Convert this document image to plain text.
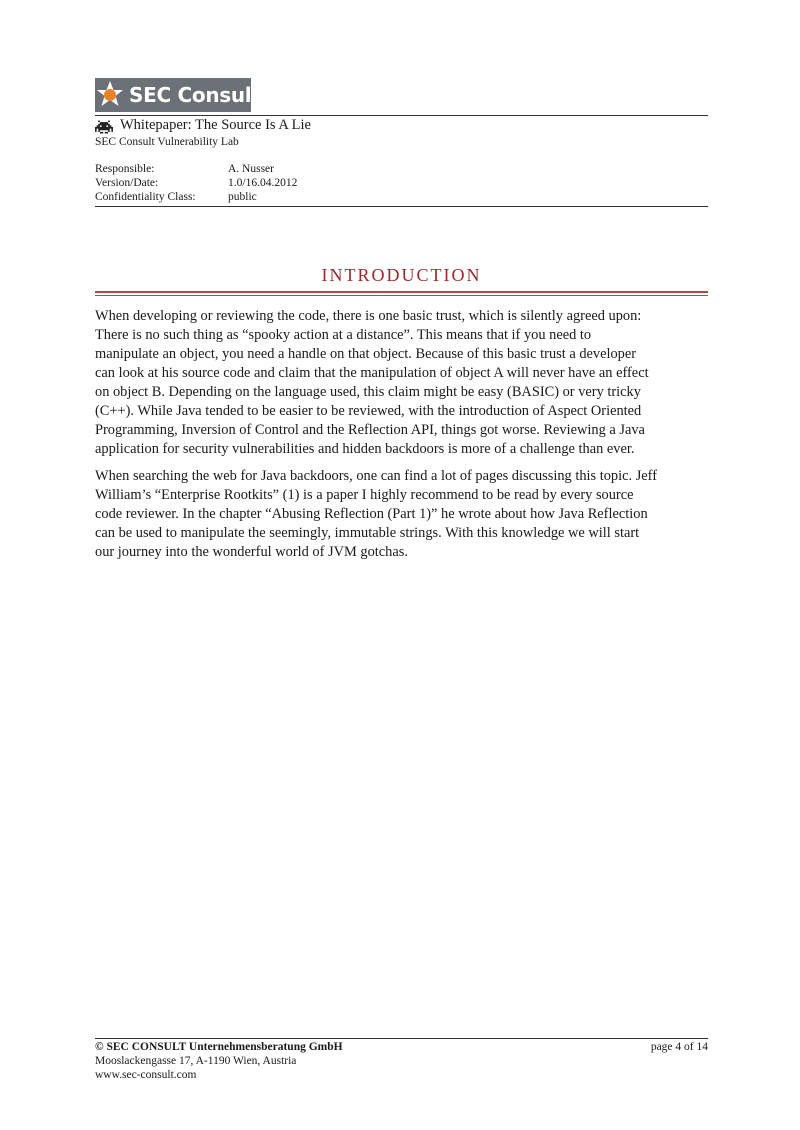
SEC Consult
Whitepaper: The Source Is A Lie
SEC Consult Vulnerability Lab
Responsible:	A. Nusser
Version/Date:	1.0/16.04.2012
Confidentiality Class:	public
INTRODUCTION
When developing or reviewing the code, there is one basic trust, which is silently agreed upon:
There is no such thing as “spooky action at a distance”. This means that if you need to
manipulate an object, you need a handle on that object. Because of this basic trust a developer
can look at his source code and claim that the manipulation of object A will never have an effect
on object B. Depending on the language used, this claim might be easy (BASIC) or very tricky
(C++). While Java tended to be easier to be reviewed, with the introduction of Aspect Oriented
Programming, Inversion of Control and the Reflection API, things got worse. Reviewing a Java
application for security vulnerabilities and hidden backdoors is more of a challenge than ever.
When searching the web for Java backdoors, one can find a lot of pages discussing this topic. Jeff
William’s “Enterprise Rootkits” (1) is a paper I highly recommend to be read by every source
code reviewer. In the chapter “Abusing Reflection (Part 1)” he wrote about how Java Reflection
can be used to manipulate the seemingly, immutable strings. With this knowledge we will start
our journey into the wonderful world of JVM gotchas.
© SEC CONSULT Unternehmensberatung GmbH	page 4 of 14
Mooslackengasse 17, A-1190 Wien, Austria
www.sec-consult.com
